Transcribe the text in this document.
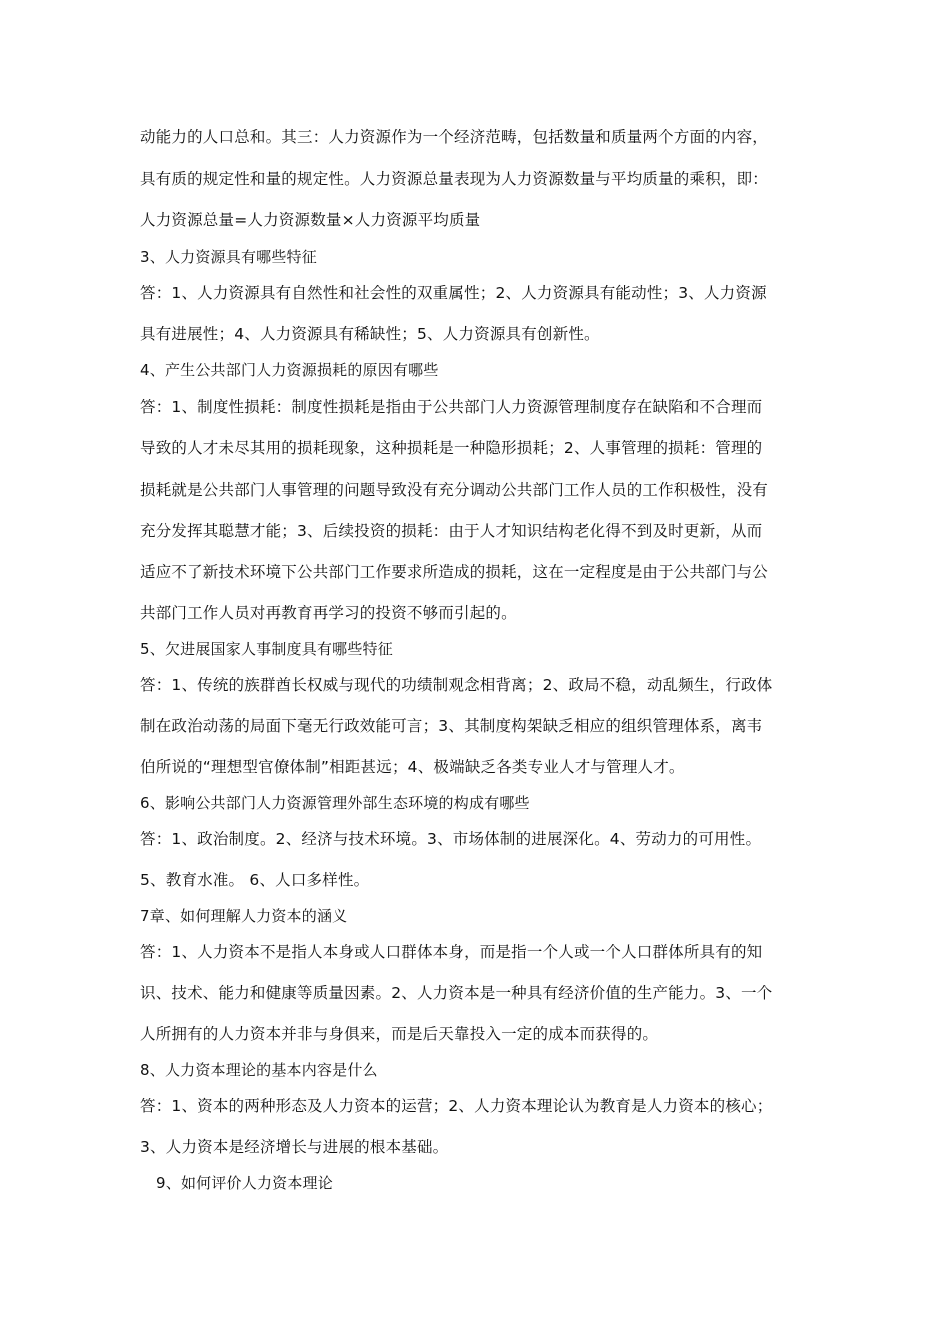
动能力的人口总和。其三：人力资源作为一个经济范畴，包括数量和质量两个方面的内容，
具有质的规定性和量的规定性。人力资源总量表现为人力资源数量与平均质量的乘积，即：
人力资源总量=人力资源数量×人力资源平均质量
3、人力资源具有哪些特征
答：1、人力资源具有自然性和社会性的双重属性；2、人力资源具有能动性；3、人力资源
具有进展性；4、人力资源具有稀缺性；5、人力资源具有创新性。
4、产生公共部门人力资源损耗的原因有哪些
答：1、制度性损耗：制度性损耗是指由于公共部门人力资源管理制度存在缺陷和不合理而
导致的人才未尽其用的损耗现象，这种损耗是一种隐形损耗；2、人事管理的损耗：管理的
损耗就是公共部门人事管理的问题导致没有充分调动公共部门工作人员的工作积极性，没有
充分发挥其聪慧才能；3、后续投资的损耗：由于人才知识结构老化得不到及时更新，从而
适应不了新技术环境下公共部门工作要求所造成的损耗，这在一定程度是由于公共部门与公
共部门工作人员对再教育再学习的投资不够而引起的。
5、欠进展国家人事制度具有哪些特征
答：1、传统的族群酋长权威与现代的功绩制观念相背离；2、政局不稳，动乱频生，行政体
制在政治动荡的局面下毫无行政效能可言；3、其制度构架缺乏相应的组织管理体系，离韦
伯所说的“理想型官僚体制”相距甚远；4、极端缺乏各类专业人才与管理人才。
6、影响公共部门人力资源管理外部生态环境的构成有哪些
答：1、政治制度。2、经济与技术环境。3、市场体制的进展深化。4、劳动力的可用性。
5、教育水准。 6、人口多样性。
7章、如何理解人力资本的涵义
答：1、人力资本不是指人本身或人口群体本身，而是指一个人或一个人口群体所具有的知
识、技术、能力和健康等质量因素。2、人力资本是一种具有经济价值的生产能力。3、一个
人所拥有的人力资本并非与身俱来，而是后天靠投入一定的成本而获得的。
8、人力资本理论的基本内容是什么
答：1、资本的两种形态及人力资本的运营；2、人力资本理论认为教育是人力资本的核心；
3、人力资本是经济增长与进展的根本基础。
9、如何评价人力资本理论
